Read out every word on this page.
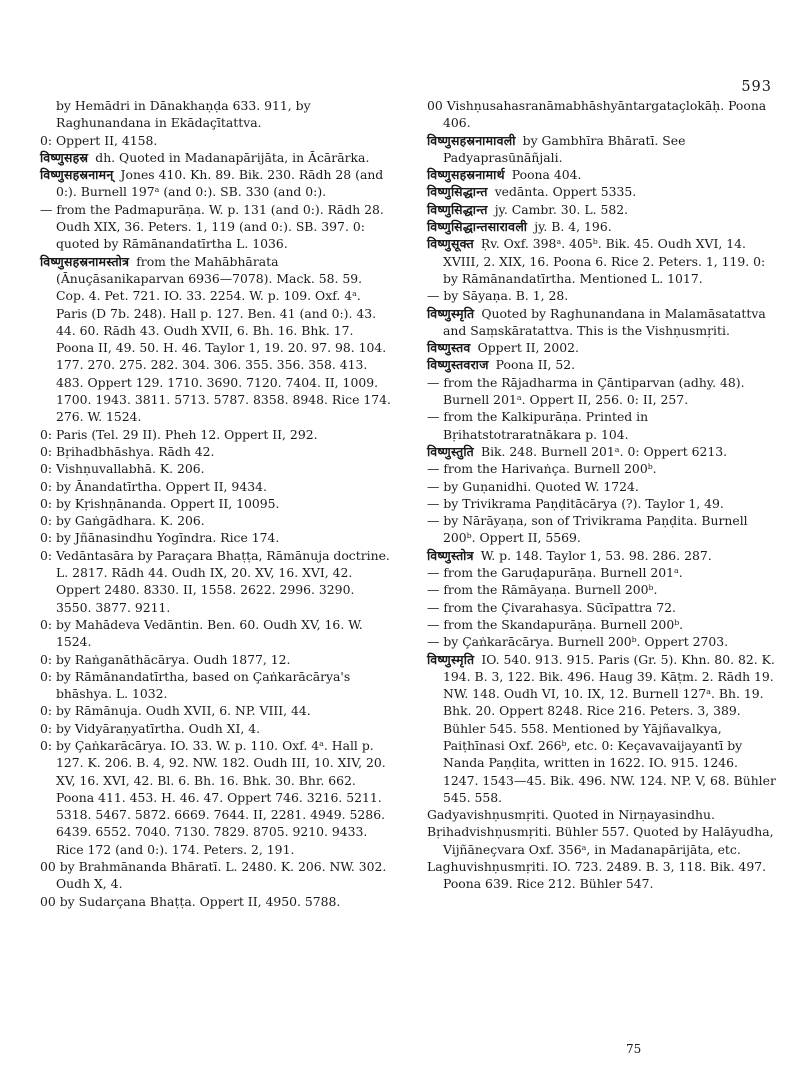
593

by Hemādri in Dānakhaṇḍa 633. 911, by Raghunandana in Ekādaçītattva.

0: Oppert II, 4158.

विष्णुसहस्र dh. Quoted in Madanapārijāta, in Ācārārka.

विष्णुसहस्रनामन् Jones 410. Kh. 89. Bik. 230. Rādh 28 (and 0:). Burnell 197ᵃ (and 0:). SB. 330 (and 0:).

— from the Padmapurāṇa. W. p. 131 (and 0:). Rādh 28. Oudh XIX, 36. Peters. 1, 119 (and 0:). SB. 397. 0: quoted by Rāmānandatīrtha L. 1036.

विष्णुसहस्रनामस्तोत्र from the Mahābhārata (Ānuçāsanikaparvan 6936—7078). Mack. 58. 59. Cop. 4. Pet. 721. IO. 33. 2254. W. p. 109. Oxf. 4ᵃ. Paris (D 7b. 248). Hall p. 127. Ben. 41 (and 0:). 43. 44. 60. Rādh 43. Oudh XVII, 6. Bh. 16. Bhk. 17. Poona II, 49. 50. H. 46. Taylor 1, 19. 20. 97. 98. 104. 177. 270. 275. 282. 304. 306. 355. 356. 358. 413. 483. Oppert 129. 1710. 3690. 7120. 7404. II, 1009. 1700. 1943. 3811. 5713. 5787. 8358. 8948. Rice 174. 276. W. 1524.

0: Paris (Tel. 29 II). Pheh 12. Oppert II, 292.

0: Bṛihadbhāshya. Rādh 42.

0: Vishṇuvallabhā. K. 206.

0: by Ānandatīrtha. Oppert II, 9434.

0: by Kṛishṇānanda. Oppert II, 10095.

0: by Gaṅgādhara. K. 206.

0: by Jñānasindhu Yogīndra. Rice 174.

0: Vedāntasāra by Paraçara Bhaṭṭa, Rāmānuja doctrine. L. 2817. Rādh 44. Oudh IX, 20. XV, 16. XVI, 42. Oppert 2480. 8330. II, 1558. 2622. 2996. 3290. 3550. 3877. 9211.

0: by Mahādeva Vedāntin. Ben. 60. Oudh XV, 16. W. 1524.

0: by Raṅganāthācārya. Oudh 1877, 12.

0: by Rāmānandatīrtha, based on Çaṅkarācārya's bhāshya. L. 1032.

0: by Rāmānuja. Oudh XVII, 6. NP. VIII, 44.

0: by Vidyāraṇyatīrtha. Oudh XI, 4.

0: by Çaṅkarācārya. IO. 33. W. p. 110. Oxf. 4ᵃ. Hall p. 127. K. 206. B. 4, 92. NW. 182. Oudh III, 10. XIV, 20. XV, 16. XVI, 42. Bl. 6. Bh. 16. Bhk. 30. Bhr. 662. Poona 411. 453. H. 46. 47. Oppert 746. 3216. 5211. 5318. 5467. 5872. 6669. 7644. II, 2281. 4949. 5286. 6439. 6552. 7040. 7130. 7829. 8705. 9210. 9433. Rice 172 (and 0:). 174. Peters. 2, 191.

00 by Brahmānanda Bhāratī. L. 2480. K. 206. NW. 302. Oudh X, 4.

00 by Sudarçana Bhaṭṭa. Oppert II, 4950. 5788.

00 Vishṇusahasranāmabhāshyāntargataçlokāḥ. Poona 406.

विष्णुसहस्रनामावली by Gambhīra Bhāratī. See Padyaprasūnāñjali.

विष्णुसहस्रनामार्थ Poona 404.

विष्णुसिद्धान्त vedānta. Oppert 5335.

विष्णुसिद्धान्त jy. Cambr. 30. L. 582.

विष्णुसिद्धान्तसारावली jy. B. 4, 196.

विष्णुसूक्त Ṛv. Oxf. 398ᵃ. 405ᵇ. Bik. 45. Oudh XVI, 14. XVIII, 2. XIX, 16. Poona 6. Rice 2. Peters. 1, 119. 0: by Rāmānandatīrtha. Mentioned L. 1017.

— by Sāyaṇa. B. 1, 28.

विष्णुस्मृति Quoted by Raghunandana in Malamāsatattva and Saṃskāratattva. This is the Vishṇusmṛiti.

विष्णुस्तव Oppert II, 2002.

विष्णुस्तवराज Poona II, 52.

— from the Rājadharma in Çāntiparvan (adhy. 48). Burnell 201ᵃ. Oppert II, 256. 0: II, 257.

— from the Kalkipurāṇa. Printed in Bṛihatstotraratnākara p. 104.

विष्णुस्तुति Bik. 248. Burnell 201ᵃ. 0: Oppert 6213.

— from the Harivaṅça. Burnell 200ᵇ.

— by Guṇanidhi. Quoted W. 1724.

— by Trivikrama Paṇḍitācārya (?). Taylor 1, 49.

— by Nārāyaṇa, son of Trivikrama Paṇḍita. Burnell 200ᵇ. Oppert II, 5569.

विष्णुस्तोत्र W. p. 148. Taylor 1, 53. 98. 286. 287.

— from the Garuḍapurāṇa. Burnell 201ᵃ.

— from the Rāmāyaṇa. Burnell 200ᵇ.

— from the Çivarahasya. Sūcīpattra 72.

— from the Skandapurāṇa. Burnell 200ᵇ.

— by Çaṅkarācārya. Burnell 200ᵇ. Oppert 2703.

विष्णुस्मृति IO. 540. 913. 915. Paris (Gr. 5). Khn. 80. 82. K. 194. B. 3, 122. Bik. 496. Haug 39. Kāṭm. 2. Rādh 19. NW. 148. Oudh VI, 10. IX, 12. Burnell 127ᵃ. Bh. 19. Bhk. 20. Oppert 8248. Rice 216. Peters. 3, 389. Bühler 545. 558. Mentioned by Yājñavalkya, Paiṭhīnasi Oxf. 266ᵇ, etc. 0: Keçavavaijayantī by Nanda Paṇḍita, written in 1622. IO. 915. 1246. 1247. 1543—45. Bik. 496. NW. 124. NP. V, 68. Bühler 545. 558.

Gadyavishṇusmṛiti. Quoted in Nirṇayasindhu.

Bṛihadvishṇusmṛiti. Bühler 557. Quoted by Halāyudha, Vijñāneçvara Oxf. 356ᵃ, in Madanapārijāta, etc.

Laghuvishṇusmṛiti. IO. 723. 2489. B. 3, 118. Bik. 497. Poona 639. Rice 212. Bühler 547.

75
